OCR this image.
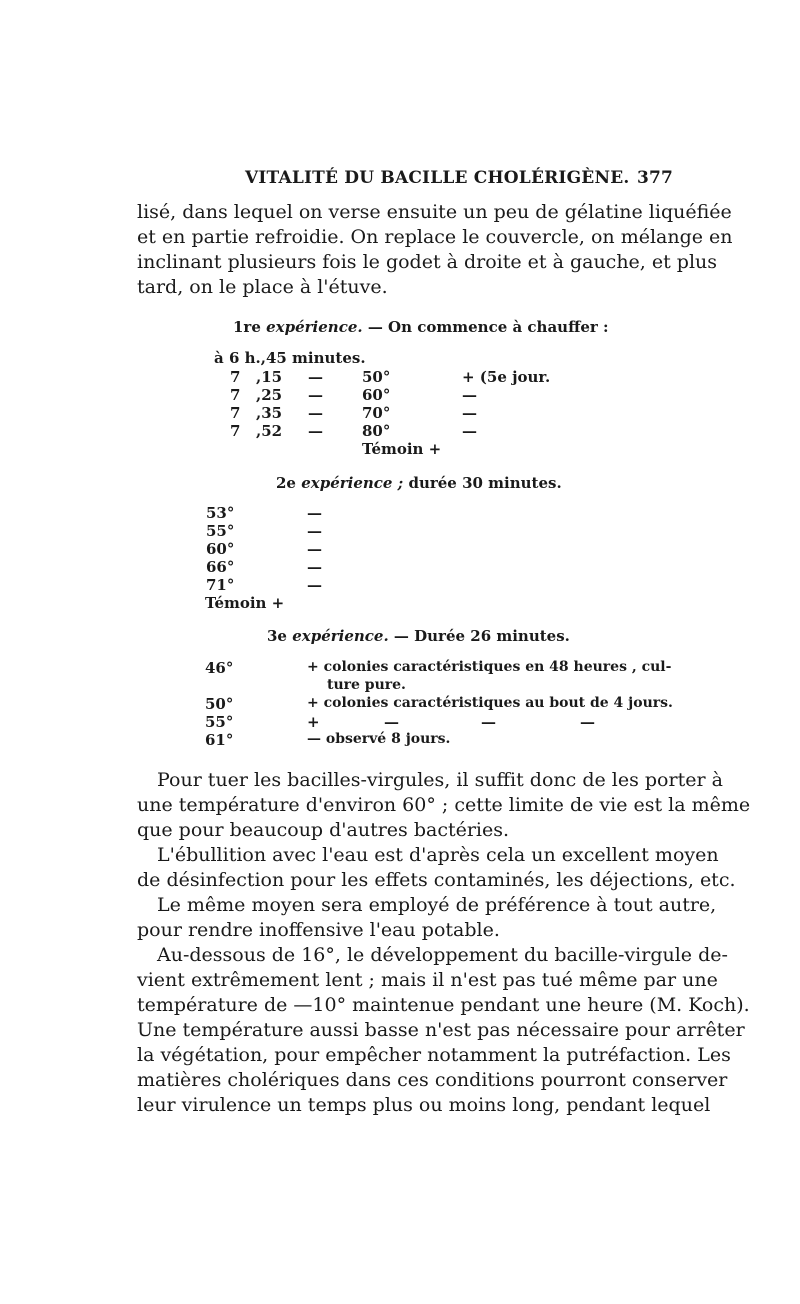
VITALITÉ DU BACILLE CHOLÉRIGÈNE. 377
lisé, dans lequel on verse ensuite un peu de gélatine liquéfiée
et en partie refroidie. On replace le couvercle, on mélange en
inclinant plusieurs fois le godet à droite et à gauche, et plus
tard, on le place à l'étuve.
1re expérience. — On commence à chauffer :
à 6 h.,45 minutes.
7 ,15 —	50°	+ (5e jour.
7 ,25 —	60°	—
7 ,35 —	70°	—
7 ,52 —	80°	—
Témoin +
2e expérience ; durée 30 minutes.
53°	—
55°	—
60°	—
66°	—
71°	—
Témoin +
3e expérience. — Durée 26 minutes.
46°	+ colonies caractéristiques en 48 heures , cul-
ture pure.
50°	+ colonies caractéristiques au bout de 4 jours.
55°	+	—	—	—
61°	— observé 8 jours.
Pour tuer les bacilles-virgules, il suffit donc de les porter à
une température d'environ 60° ; cette limite de vie est la même
que pour beaucoup d'autres bactéries.
L'ébullition avec l'eau est d'après cela un excellent moyen
de désinfection pour les effets contaminés, les déjections, etc.
Le même moyen sera employé de préférence à tout autre,
pour rendre inoffensive l'eau potable.
Au-dessous de 16°, le développement du bacille-virgule de-
vient extrêmement lent ; mais il n'est pas tué même par une
température de —10° maintenue pendant une heure (M. Koch).
Une température aussi basse n'est pas nécessaire pour arrêter
la végétation, pour empêcher notamment la putréfaction. Les
matières cholériques dans ces conditions pourront conserver
leur virulence un temps plus ou moins long, pendant lequel
